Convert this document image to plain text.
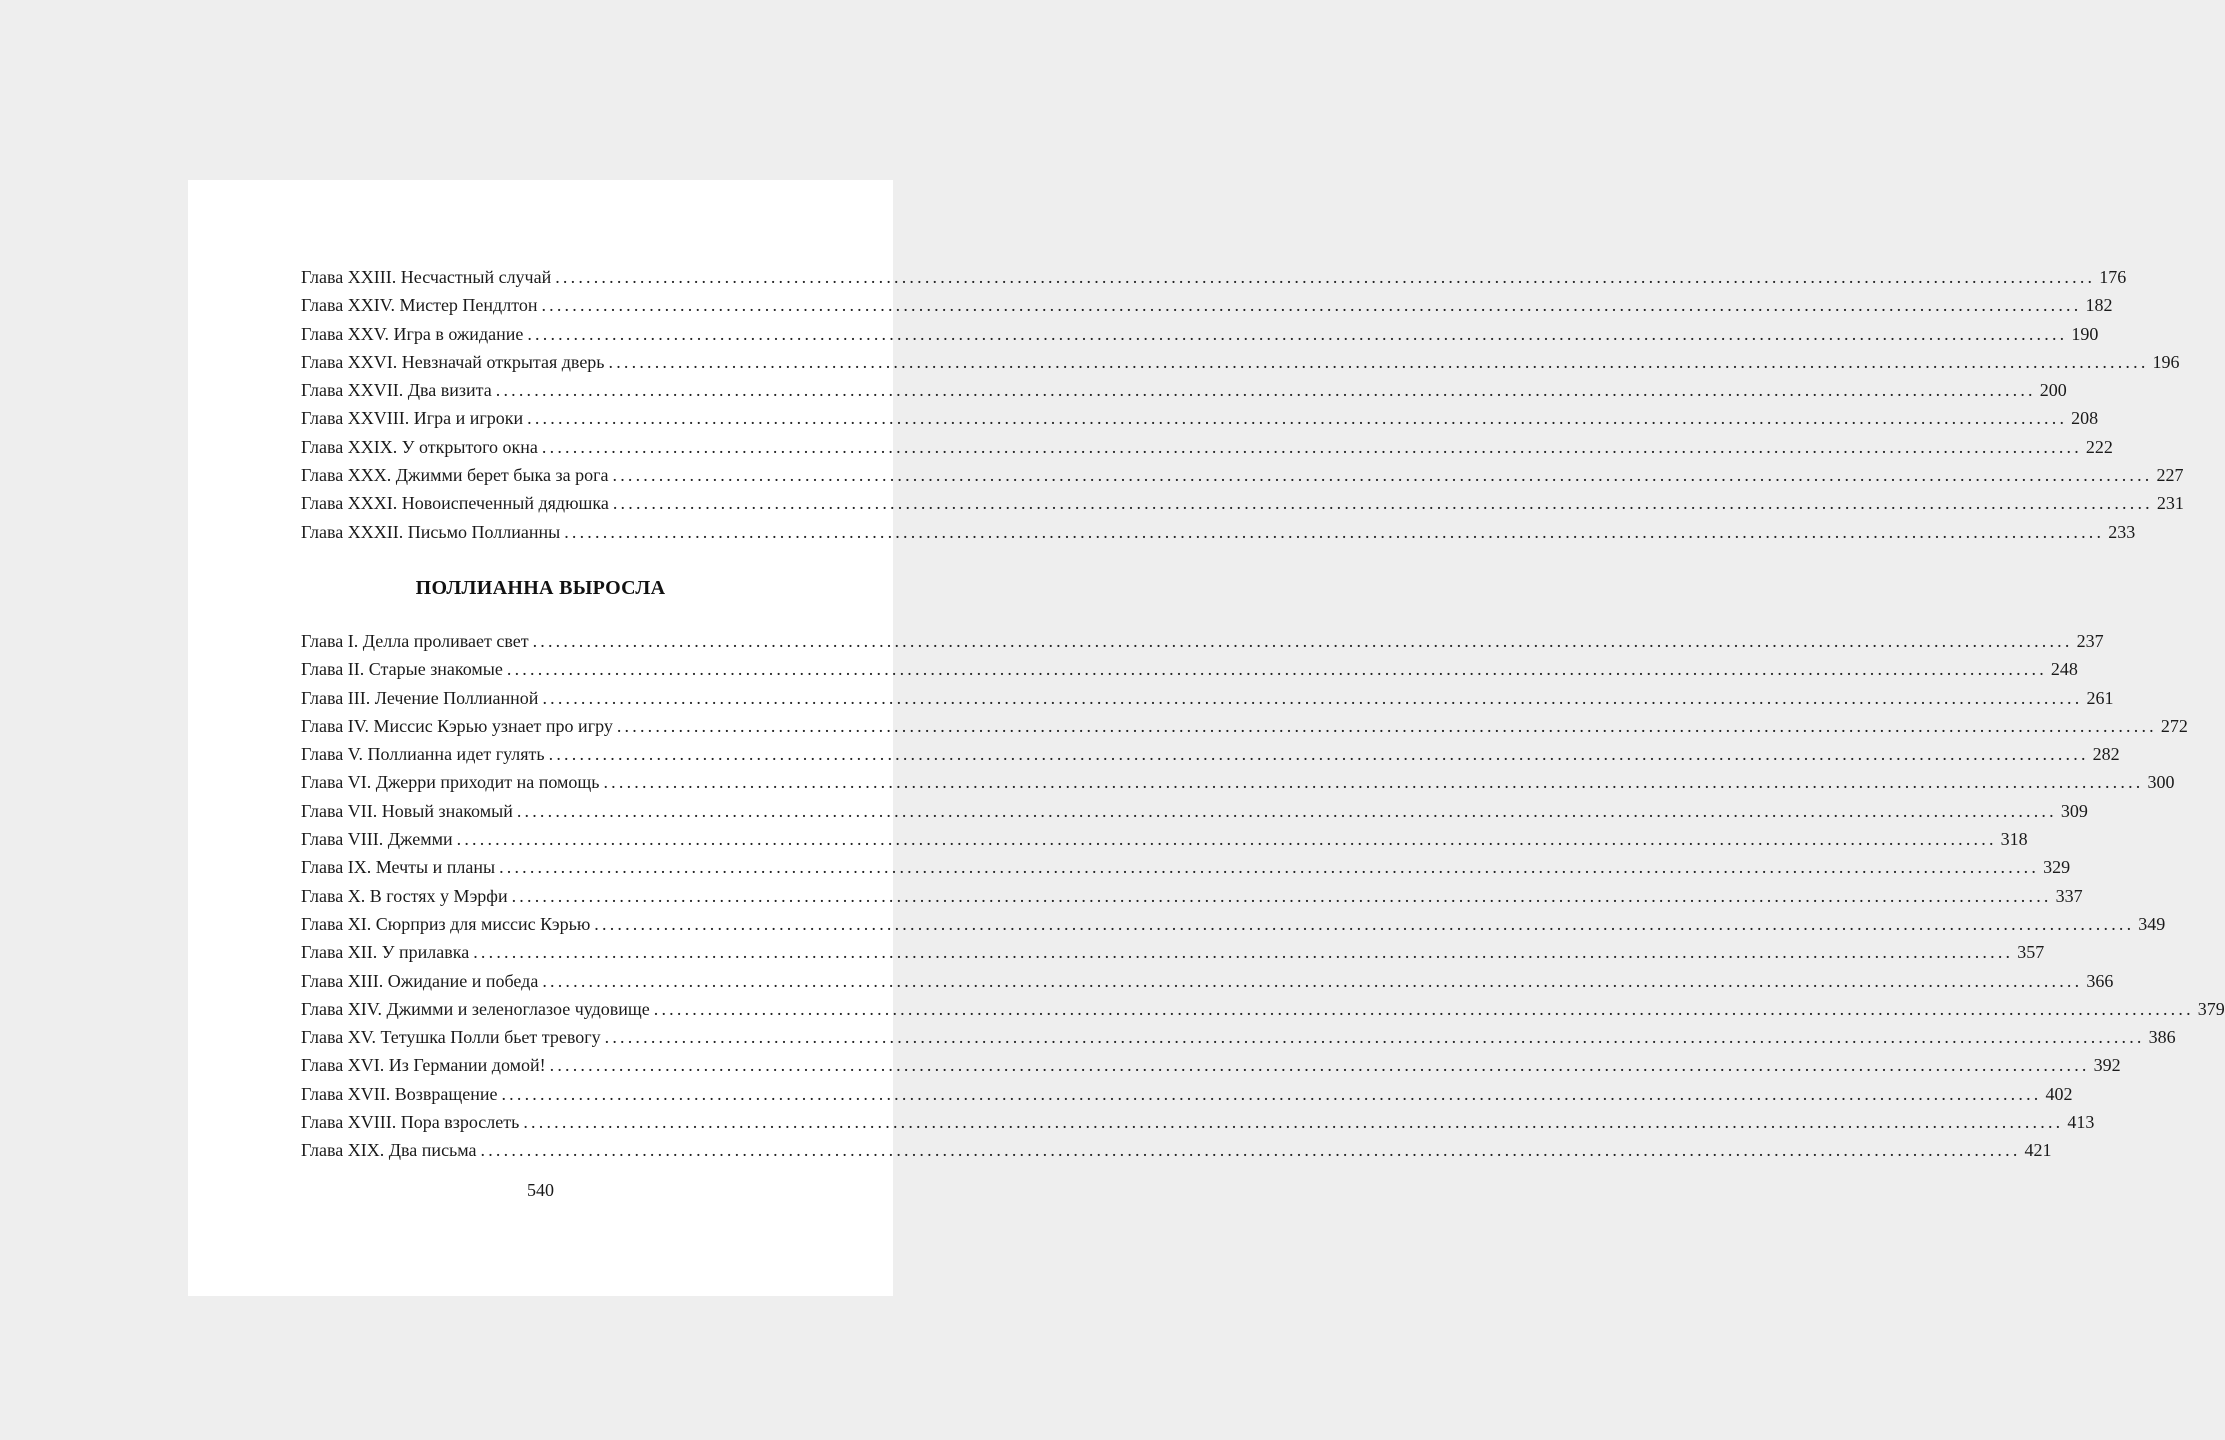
Глава XXIII. Несчастный случай ........................................................................................................................................................................................................ 176
Глава XXIV. Мистер Пендлтон ........................................................................................................................................................................................................ 182
Глава XXV. Игра в ожидание ........................................................................................................................................................................................................ 190
Глава XXVI. Невзначай открытая дверь ........................................................................................................................................................................................................ 196
Глава XXVII. Два визита ........................................................................................................................................................................................................ 200
Глава XXVIII. Игра и игроки ........................................................................................................................................................................................................ 208
Глава XXIX. У открытого окна ........................................................................................................................................................................................................ 222
Глава XXX. Джимми берет быка за рога ........................................................................................................................................................................................................ 227
Глава XXXI. Новоиспеченный дядюшка ........................................................................................................................................................................................................ 231
Глава XXXII. Письмо Поллианны ........................................................................................................................................................................................................ 233
ПОЛЛИАННА ВЫРОСЛА
Глава I. Делла проливает свет ........................................................................................................................................................................................................ 237
Глава II. Старые знакомые ........................................................................................................................................................................................................ 248
Глава III. Лечение Поллианной ........................................................................................................................................................................................................ 261
Глава IV. Миссис Кэрью узнает про игру ........................................................................................................................................................................................................ 272
Глава V. Поллианна идет гулять ........................................................................................................................................................................................................ 282
Глава VI. Джерри приходит на помощь ........................................................................................................................................................................................................ 300
Глава VII. Новый знакомый ........................................................................................................................................................................................................ 309
Глава VIII. Джемми ........................................................................................................................................................................................................ 318
Глава IX. Мечты и планы ........................................................................................................................................................................................................ 329
Глава X. В гостях у Мэрфи ........................................................................................................................................................................................................ 337
Глава XI. Сюрприз для миссис Кэрью ........................................................................................................................................................................................................ 349
Глава XII. У прилавка ........................................................................................................................................................................................................ 357
Глава XIII. Ожидание и победа ........................................................................................................................................................................................................ 366
Глава XIV. Джимми и зеленоглазое чудовище ........................................................................................................................................................................................................ 379
Глава XV. Тетушка Полли бьет тревогу ........................................................................................................................................................................................................ 386
Глава XVI. Из Германии домой! ........................................................................................................................................................................................................ 392
Глава XVII. Возвращение ........................................................................................................................................................................................................ 402
Глава XVIII. Пора взрослеть ........................................................................................................................................................................................................ 413
Глава XIX. Два письма ........................................................................................................................................................................................................ 421
540
